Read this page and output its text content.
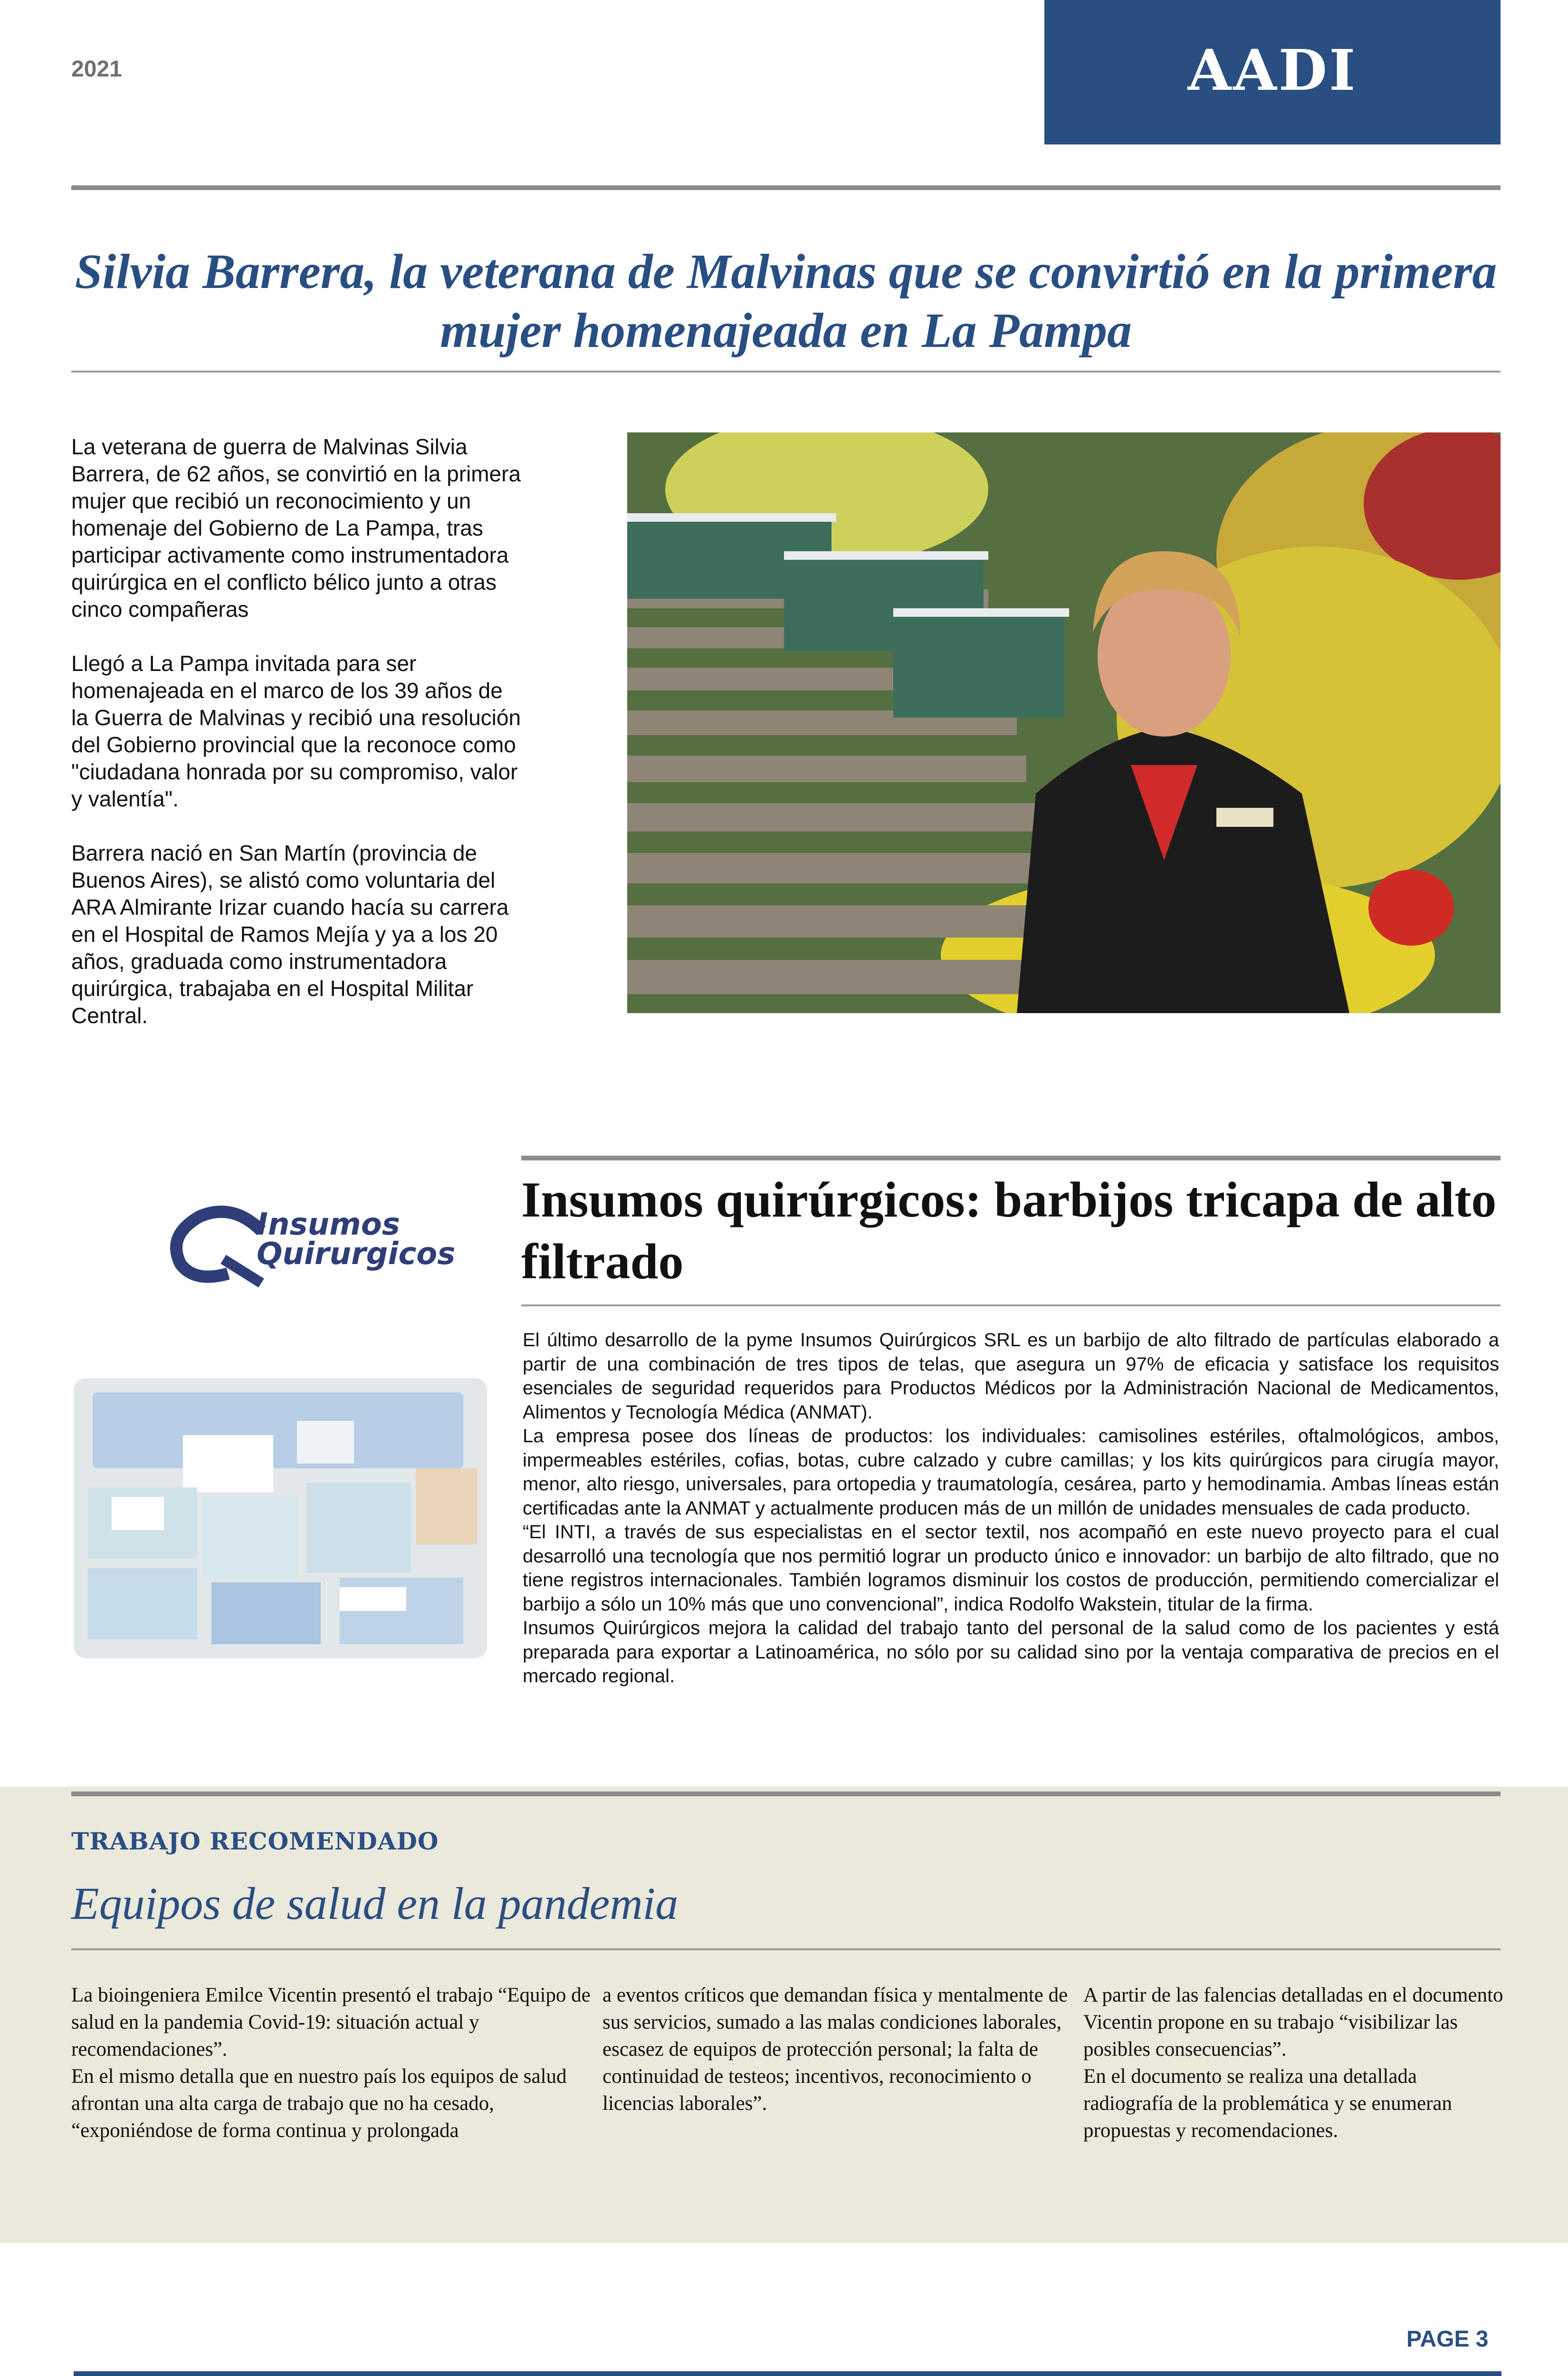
2021	AADI
Silvia Barrera, la veterana de Malvinas que se convirtió en la primera mujer homenajeada en La Pampa

La veterana de guerra de Malvinas Silvia Barrera, de 62 años, se convirtió en la primera mujer que recibió un reconocimiento y un homenaje del Gobierno de La Pampa, tras participar activamente como instrumentadora quirúrgica en el conflicto bélico junto a otras cinco compañeras

Llegó a La Pampa invitada para ser homenajeada en el marco de los 39 años de la Guerra de Malvinas y recibió una resolución del Gobierno provincial que la reconoce como "ciudadana honrada por su compromiso, valor y valentía".

Barrera nació en San Martín (provincia de Buenos Aires), se alistó como voluntaria del ARA Almirante Irizar cuando hacía su carrera en el Hospital de Ramos Mejía y ya a los 20 años, graduada como instrumentadora quirúrgica, trabajaba en el Hospital Militar Central.

Insumos
Quirurgicos
Insumos quirúrgicos: barbijos tricapa de alto filtrado

El último desarrollo de la pyme Insumos Quirúrgicos SRL es un barbijo de alto filtrado de partículas elaborado a partir de una combinación de tres tipos de telas, que asegura un 97% de eficacia y satisface los requisitos esenciales de seguridad requeridos para Productos Médicos por la Administración Nacional de Medicamentos, Alimentos y Tecnología Médica (ANMAT).

La empresa posee dos líneas de productos: los individuales: camisolines estériles, oftalmológicos, ambos, impermeables estériles, cofias, botas, cubre calzado y cubre camillas; y los kits quirúrgicos para cirugía mayor, menor, alto riesgo, universales, para ortopedia y traumatología, cesárea, parto y hemodinamia. Ambas líneas están certificadas ante la ANMAT y actualmente producen más de un millón de unidades mensuales de cada producto.

“El INTI, a través de sus especialistas en el sector textil, nos acompañó en este nuevo proyecto para el cual desarrolló una tecnología que nos permitió lograr un producto único e innovador: un barbijo de alto filtrado, que no tiene registros internacionales. También logramos disminuir los costos de producción, permitiendo comercializar el barbijo a sólo un 10% más que uno convencional”, indica Rodolfo Wakstein, titular de la firma.

Insumos Quirúrgicos mejora la calidad del trabajo tanto del personal de la salud como de los pacientes y está preparada para exportar a Latinoamérica, no sólo por su calidad sino por la ventaja comparativa de precios en el mercado regional.

TRABAJO RECOMENDADO
Equipos de salud en la pandemia
La bioingeniera Emilce Vicentin presentó el trabajo “Equipo de salud en la pandemia Covid-19: situación actual y recomendaciones”.
En el mismo detalla que en nuestro país los equipos de salud afrontan una alta carga de trabajo que no ha cesado, “exponiéndose de forma continua y prolongada
a eventos críticos que demandan física y mentalmente de sus servicios, sumado a las malas condiciones laborales, escasez de equipos de protección personal; la falta de continuidad de testeos; incentivos, reconocimiento o licencias laborales”.
A partir de las falencias detalladas en el documento Vicentin propone en su trabajo “visibilizar las posibles consecuencias”.
En el documento se realiza una detallada radiografía de la problemática y se enumeran propuestas y recomendaciones.
PAGE 3
